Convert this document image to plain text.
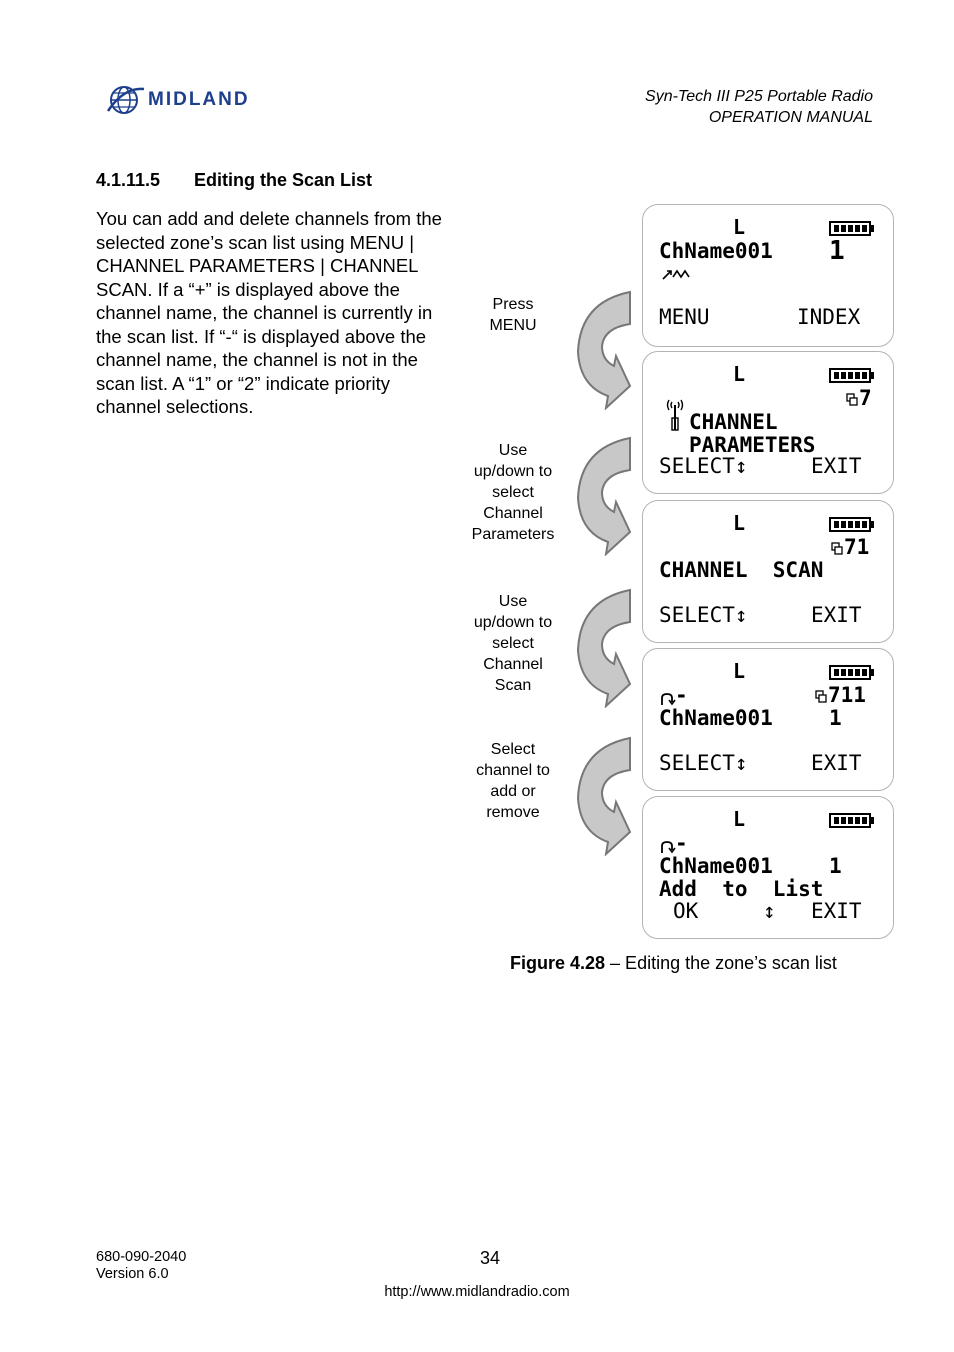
MIDLAND	Syn-Tech III P25 Portable Radio
OPERATION MANUAL
4.1.11.5 Editing the Scan List
You can add and delete channels from the selected zone’s scan list using MENU | CHANNEL PARAMETERS | CHANNEL SCAN. If a “+” is displayed above the channel name, the channel is currently in the scan list. If “-“ is displayed above the channel name, the channel is not in the scan list. A “1” or “2” indicate priority channel selections.
Press
MENU
Use
up/down to
select
Channel
Parameters
Use
up/down to
select
Channel
Scan
Select
channel to
add or
remove
L
ChName001 1
MENU	INDEX
L
7
CHANNEL
PARAMETERS
SELECT↕	EXIT
L
71
CHANNEL  SCAN
SELECT↕	EXIT
L
-	711
ChName001	1
SELECT↕	EXIT
L
-
ChName001	1
Add  to  List
OK	↕ EXIT
Figure 4.28 – Editing the zone’s scan list
680-090-2040
Version 6.0
34
http://www.midlandradio.com
